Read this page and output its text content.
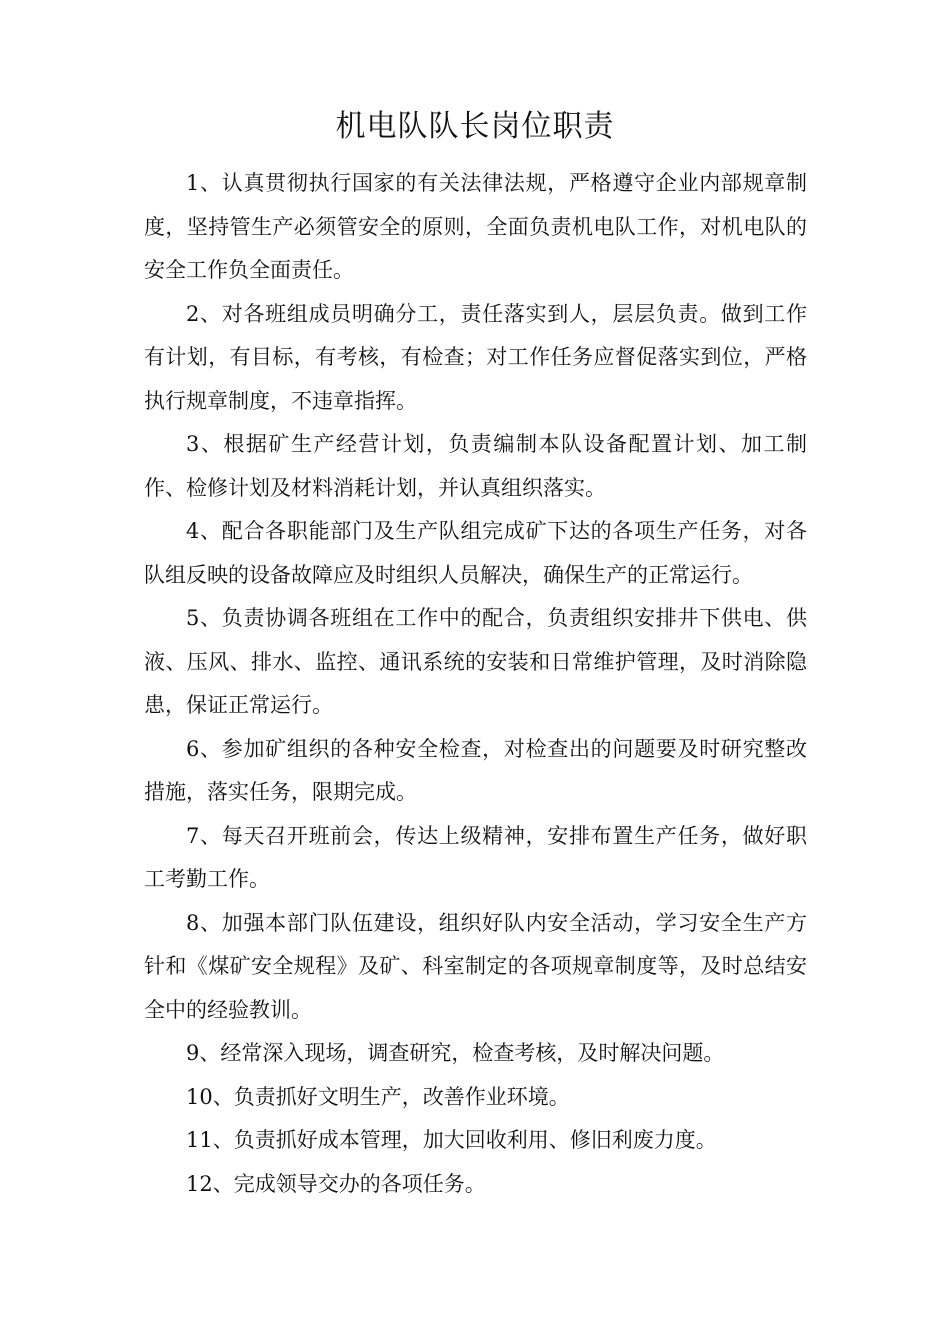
机电队队长岗位职责

1、认真贯彻执行国家的有关法律法规，严格遵守企业内部规章制度，坚持管生产必须管安全的原则，全面负责机电队工作，对机电队的安全工作负全面责任。

2、对各班组成员明确分工，责任落实到人，层层负责。做到工作有计划，有目标，有考核，有检查；对工作任务应督促落实到位，严格执行规章制度，不违章指挥。

3、根据矿生产经营计划，负责编制本队设备配置计划、加工制作、检修计划及材料消耗计划，并认真组织落实。

4、配合各职能部门及生产队组完成矿下达的各项生产任务，对各队组反映的设备故障应及时组织人员解决，确保生产的正常运行。

5、负责协调各班组在工作中的配合，负责组织安排井下供电、供液、压风、排水、监控、通讯系统的安装和日常维护管理，及时消除隐患，保证正常运行。

6、参加矿组织的各种安全检查，对检查出的问题要及时研究整改措施，落实任务，限期完成。

7、每天召开班前会，传达上级精神，安排布置生产任务，做好职工考勤工作。

8、加强本部门队伍建设，组织好队内安全活动，学习安全生产方针和《煤矿安全规程》及矿、科室制定的各项规章制度等，及时总结安全中的经验教训。

9、经常深入现场，调查研究，检查考核，及时解决问题。

10、负责抓好文明生产，改善作业环境。

11、负责抓好成本管理，加大回收利用、修旧利废力度。

12、完成领导交办的各项任务。
